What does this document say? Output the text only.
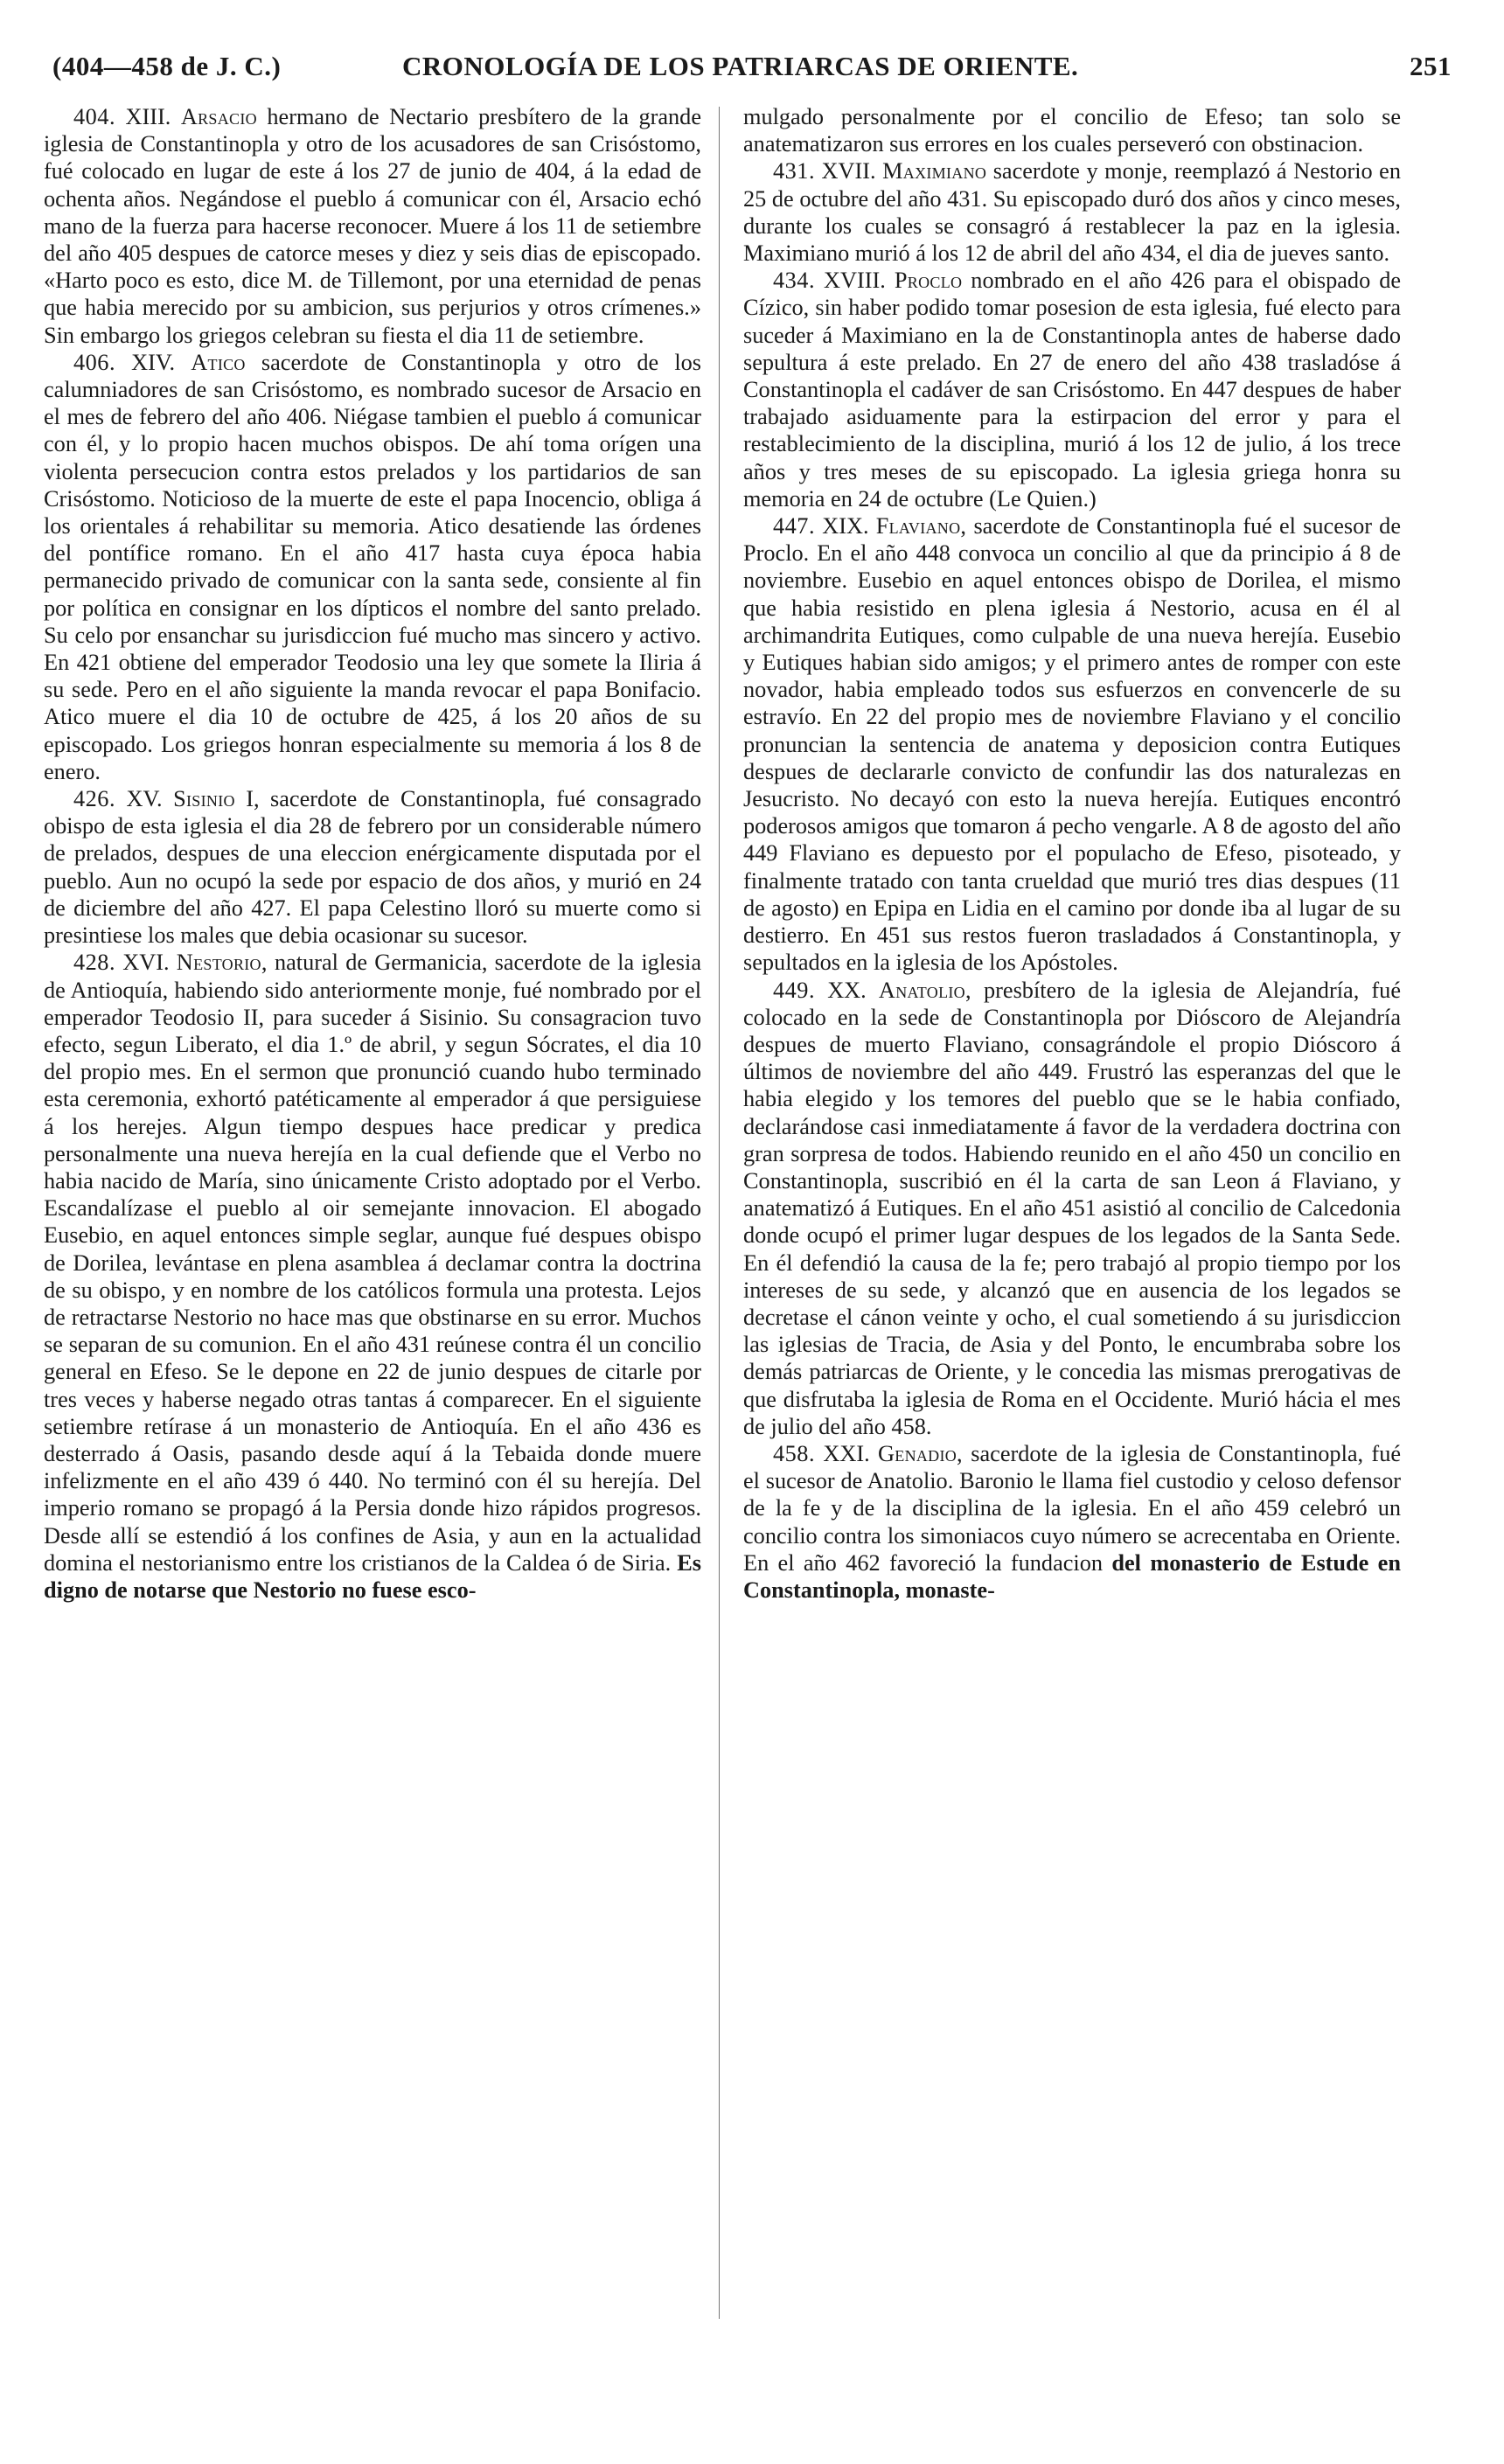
(404—458 de J. C.)	CRONOLOGÍA DE LOS PATRIARCAS DE ORIENTE.	251

404. XIII. Arsacio hermano de Nectario presbítero de la grande iglesia de Constantinopla y otro de los acusadores de san Crisóstomo, fué colocado en lugar de este á los 27 de junio de 404, á la edad de ochenta años. Negándose el pueblo á comunicar con él, Arsacio echó mano de la fuerza para hacerse reconocer. Muere á los 11 de setiembre del año 405 despues de catorce meses y diez y seis dias de episcopado. «Harto poco es esto, dice M. de Tillemont, por una eternidad de penas que habia merecido por su ambicion, sus perjurios y otros crímenes.» Sin embargo los griegos celebran su fiesta el dia 11 de setiembre.

406. XIV. Atico sacerdote de Constantinopla y otro de los calumniadores de san Crisóstomo, es nombrado sucesor de Arsacio en el mes de febrero del año 406. Niégase tambien el pueblo á comunicar con él, y lo propio hacen muchos obispos. De ahí toma orígen una violenta persecucion contra estos prelados y los partidarios de san Crisóstomo. Noticioso de la muerte de este el papa Inocencio, obliga á los orientales á rehabilitar su memoria. Atico desatiende las órdenes del pontífice romano. En el año 417 hasta cuya época habia permanecido privado de comunicar con la santa sede, consiente al fin por política en consignar en los dípticos el nombre del santo prelado. Su celo por ensanchar su jurisdiccion fué mucho mas sincero y activo. En 421 obtiene del emperador Teodosio una ley que somete la Iliria á su sede. Pero en el año siguiente la manda revocar el papa Bonifacio. Atico muere el dia 10 de octubre de 425, á los 20 años de su episcopado. Los griegos honran especialmente su memoria á los 8 de enero.

426. XV. Sisinio I, sacerdote de Constantinopla, fué consagrado obispo de esta iglesia el dia 28 de febrero por un considerable número de prelados, despues de una eleccion enérgicamente disputada por el pueblo. Aun no ocupó la sede por espacio de dos años, y murió en 24 de diciembre del año 427. El papa Celestino lloró su muerte como si presintiese los males que debia ocasionar su sucesor.

428. XVI. Nestorio, natural de Germanicia, sacerdote de la iglesia de Antioquía, habiendo sido anteriormente monje, fué nombrado por el emperador Teodosio II, para suceder á Sisinio. Su consagracion tuvo efecto, segun Liberato, el dia 1.º de abril, y segun Sócrates, el dia 10 del propio mes. En el sermon que pronunció cuando hubo terminado esta ceremonia, exhortó patéticamente al emperador á que persiguiese á los herejes. Algun tiempo despues hace predicar y predica personalmente una nueva herejía en la cual defiende que el Verbo no habia nacido de María, sino únicamente Cristo adoptado por el Verbo. Escandalízase el pueblo al oir semejante innovacion. El abogado Eusebio, en aquel entonces simple seglar, aunque fué despues obispo de Dorilea, levántase en plena asamblea á declamar contra la doctrina de su obispo, y en nombre de los católicos formula una protesta. Lejos de retractarse Nestorio no hace mas que obstinarse en su error. Muchos se separan de su comunion. En el año 431 reúnese contra él un concilio general en Efeso. Se le depone en 22 de junio despues de citarle por tres veces y haberse negado otras tantas á comparecer. En el siguiente setiembre retírase á un monasterio de Antioquía. En el año 436 es desterrado á Oasis, pasando desde aquí á la Tebaida donde muere infelizmente en el año 439 ó 440. No terminó con él su herejía. Del imperio romano se propagó á la Persia donde hizo rápidos progresos. Desde allí se estendió á los confines de Asia, y aun en la actualidad domina el nestorianismo entre los cristianos de la Caldea ó de Siria. Es digno de notarse que Nestorio no fuese esco-

mulgado personalmente por el concilio de Efeso; tan solo se anatematizaron sus errores en los cuales perseveró con obstinacion.

431. XVII. Maximiano sacerdote y monje, reemplazó á Nestorio en 25 de octubre del año 431. Su episcopado duró dos años y cinco meses, durante los cuales se consagró á restablecer la paz en la iglesia. Maximiano murió á los 12 de abril del año 434, el dia de jueves santo.

434. XVIII. Proclo nombrado en el año 426 para el obispado de Cízico, sin haber podido tomar posesion de esta iglesia, fué electo para suceder á Maximiano en la de Constantinopla antes de haberse dado sepultura á este prelado. En 27 de enero del año 438 trasladóse á Constantinopla el cadáver de san Crisóstomo. En 447 despues de haber trabajado asiduamente para la estirpacion del error y para el restablecimiento de la disciplina, murió á los 12 de julio, á los trece años y tres meses de su episcopado. La iglesia griega honra su memoria en 24 de octubre (Le Quien.)

447. XIX. Flaviano, sacerdote de Constantinopla fué el sucesor de Proclo. En el año 448 convoca un concilio al que da principio á 8 de noviembre. Eusebio en aquel entonces obispo de Dorilea, el mismo que habia resistido en plena iglesia á Nestorio, acusa en él al archimandrita Eutiques, como culpable de una nueva herejía. Eusebio y Eutiques habian sido amigos; y el primero antes de romper con este novador, habia empleado todos sus esfuerzos en convencerle de su estravío. En 22 del propio mes de noviembre Flaviano y el concilio pronuncian la sentencia de anatema y deposicion contra Eutiques despues de declararle convicto de confundir las dos naturalezas en Jesucristo. No decayó con esto la nueva herejía. Eutiques encontró poderosos amigos que tomaron á pecho vengarle. A 8 de agosto del año 449 Flaviano es depuesto por el populacho de Efeso, pisoteado, y finalmente tratado con tanta crueldad que murió tres dias despues (11 de agosto) en Epipa en Lidia en el camino por donde iba al lugar de su destierro. En 451 sus restos fueron trasladados á Constantinopla, y sepultados en la iglesia de los Apóstoles.

449. XX. Anatolio, presbítero de la iglesia de Alejandría, fué colocado en la sede de Constantinopla por Dióscoro de Alejandría despues de muerto Flaviano, consagrándole el propio Dióscoro á últimos de noviembre del año 449. Frustró las esperanzas del que le habia elegido y los temores del pueblo que se le habia confiado, declarándose casi inmediatamente á favor de la verdadera doctrina con gran sorpresa de todos. Habiendo reunido en el año 450 un concilio en Constantinopla, suscribió en él la carta de san Leon á Flaviano, y anatematizó á Eutiques. En el año 451 asistió al concilio de Calcedonia donde ocupó el primer lugar despues de los legados de la Santa Sede. En él defendió la causa de la fe; pero trabajó al propio tiempo por los intereses de su sede, y alcanzó que en ausencia de los legados se decretase el cánon veinte y ocho, el cual sometiendo á su jurisdiccion las iglesias de Tracia, de Asia y del Ponto, le encumbraba sobre los demás patriarcas de Oriente, y le concedia las mismas prerogativas de que disfrutaba la iglesia de Roma en el Occidente. Murió hácia el mes de julio del año 458.

458. XXI. Genadio, sacerdote de la iglesia de Constantinopla, fué el sucesor de Anatolio. Baronio le llama fiel custodio y celoso defensor de la fe y de la disciplina de la iglesia. En el año 459 celebró un concilio contra los simoniacos cuyo número se acrecentaba en Oriente. En el año 462 favoreció la fundacion del monasterio de Estude en Constantinopla, monaste-
